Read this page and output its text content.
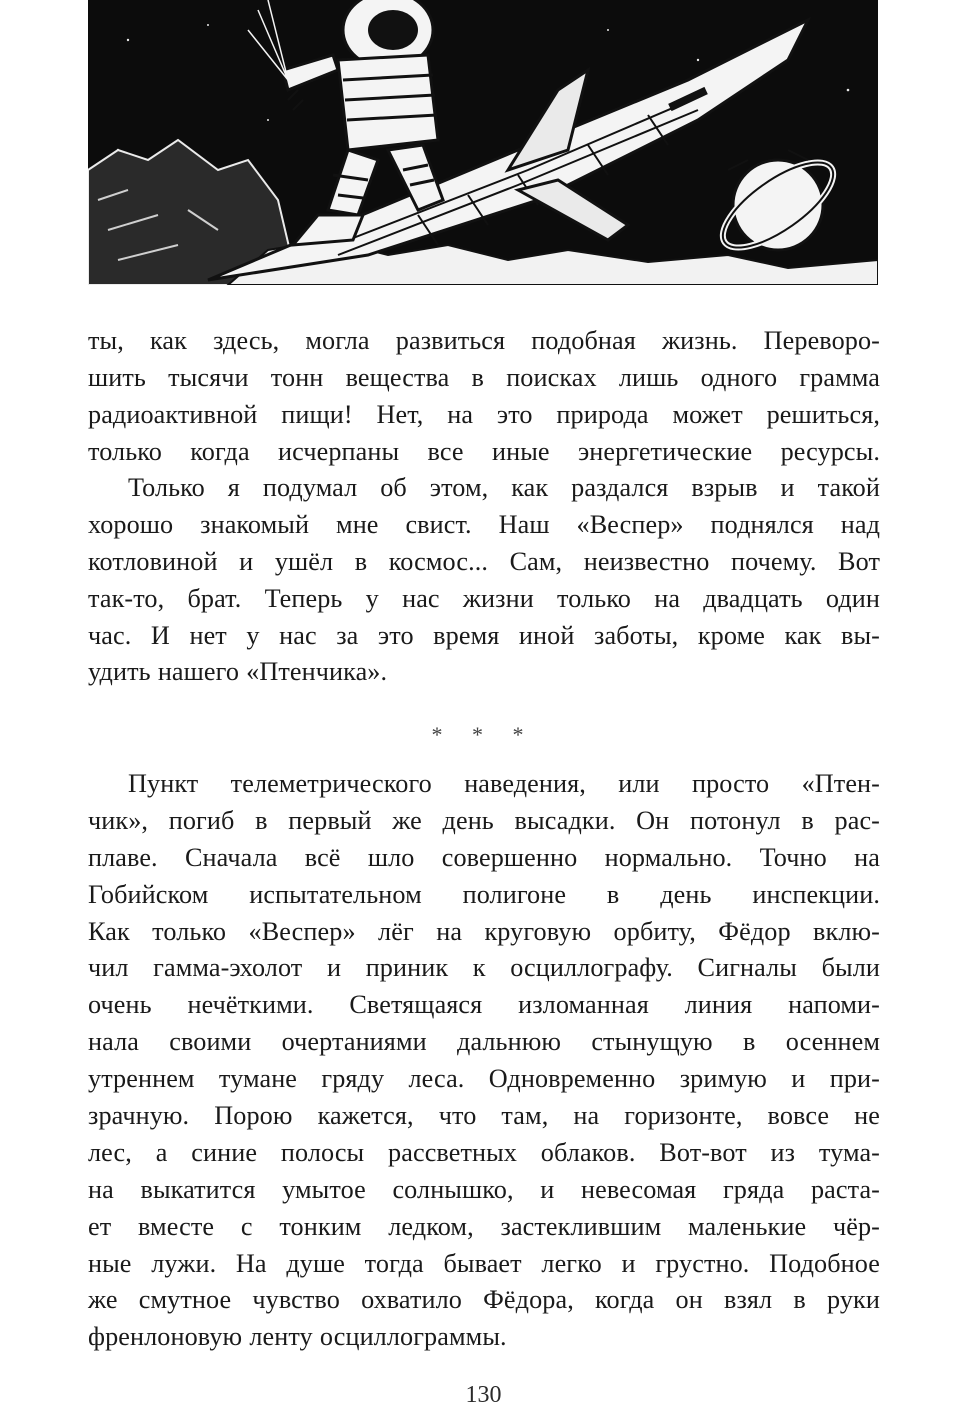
ты, как здесь, могла развиться подобная жизнь. Переворо-
шить тысячи тонн вещества в поисках лишь одного грамма
радиоактивной пищи! Нет, на это природа может решиться,
только когда исчерпаны все иные энергетические ресурсы.

Только я подумал об этом, как раздался взрыв и такой
хорошо знакомый мне свист. Наш «Веспер» поднялся над
котловиной и ушёл в космос... Сам, неизвестно почему. Вот
так-то, брат. Теперь у нас жизни только на двадцать один
час. И нет у нас за это время иной заботы, кроме как вы-
удить нашего «Птенчика».

* * *

Пункт телеметрического наведения, или просто «Птен-
чик», погиб в первый же день высадки. Он потонул в рас-
плаве. Сначала всё шло совершенно нормально. Точно на
Гобийском испытательном полигоне в день инспекции.
Как только «Веспер» лёг на круговую орбиту, Фёдор вклю-
чил гамма-эхолот и приник к осциллографу. Сигналы были
очень нечёткими. Светящаяся изломанная линия напоми-
нала своими очертаниями дальнюю стынущую в осеннем
утреннем тумане гряду леса. Одновременно зримую и при-
зрачную. Порою кажется, что там, на горизонте, вовсе не
лес, а синие полосы рассветных облаков. Вот-вот из тума-
на выкатится умытое солнышко, и невесомая гряда раста-
ет вместе с тонким ледком, застеклившим маленькие чёр-
ные лужи. На душе тогда бывает легко и грустно. Подобное
же смутное чувство охватило Фёдора, когда он взял в руки
френлоновую ленту осциллограммы.

130
